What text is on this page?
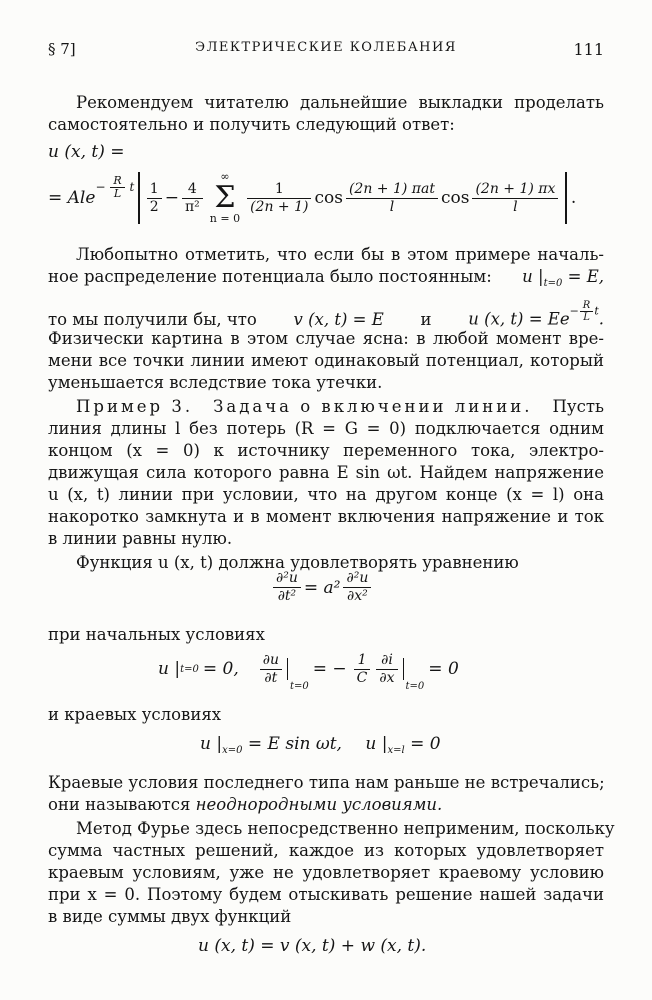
§ 7]	ЭЛЕКТРИЧЕСКИЕ КОЛЕБАНИЯ	111
Рекомендуем читателю дальнейшие выкладки проделать
самостоятельно и получить следующий ответ:
u (x, t) =
= Ale
− $\frac{R}{L}$ t $\frac{1}{2} - \frac{4}{\text{π²}}$
∞
Σ
n = 0
$\frac{1}{(2n + 1)}$ $\cos \frac{\text{(2n + 1) πat}}{l}$ $\cos \frac{(2n + 1) \pi x}{l}$ .
Любопытно отметить, что если бы в этом примере началь-
ное распределение потенциала было постоянным: u $|_{t=0} = E$,
то мы получили бы, что v (x, t) = E и u (x, $t) = Ee- \frac{R}{L} t$.
Физически картина в этом случае ясна: в любой момент вре-
мени все точки линии имеют одинаковый потенциал, который
уменьшается вследствие тока утечки.
Пример 3. Задача о включении линии. Пусть
линия длины l без потерь (R = G = 0) подключается одним
концом (x = 0) к источнику переменного тока, электро-
движущая сила которого равна E sin ωt. Найдем напряжение
u (x, t) линии при условии, что на другом конце (x = l) она
накоротко замкнута и в момент включения напряжение и ток
в линии равны нулю.
Функция u (x, t) должна удовлетворять уравнению
$\frac{\text{∂²u}}{\text{∂t²}} = a^2 \frac{\text{∂²u}}{\text{∂x²}}$
при начальных условиях
u | t=0 = 0, $\frac{\partial u}{\partial t} t=0$
= − $\frac{1}{C} \frac{\partial i}{\partial x} t=0$
= 0
и краевых условиях
u $|_{x=0} = E$ sin ωt, u $|_{x=l} = 0$
Краевые условия последнего типа нам раньше не встречались;
они называются неоднородными условиями.
Метод Фурье здесь непосредственно неприменим, поскольку
сумма частных решений, каждое из которых удовлетворяет
краевым условиям, уже не удовлетворяет краевому условию
при x = 0. Поэтому будем отыскивать решение нашей задачи
в виде суммы двух функций
u (x, t) = v (x, t) + w (x, t).
